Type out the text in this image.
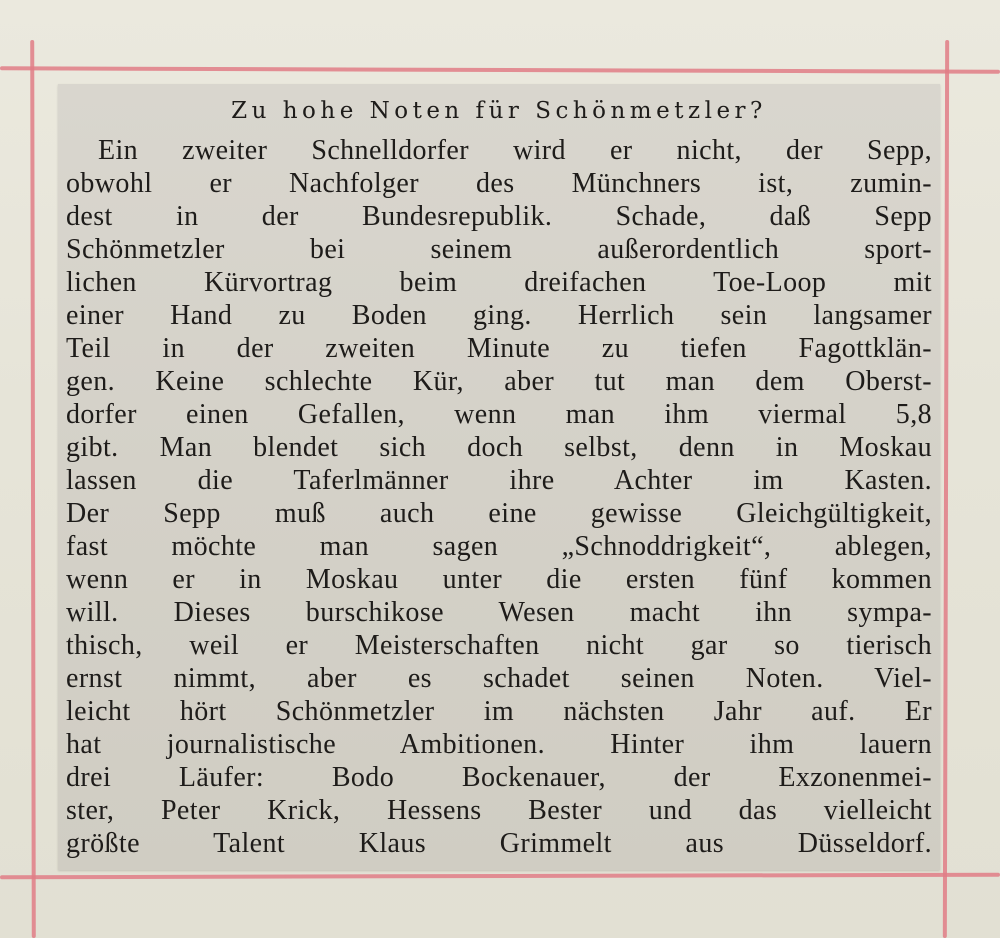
Zu hohe Noten für Schönmetzler?
Ein zweiter Schnelldorfer wird er nicht, der Sepp,
obwohl er Nachfolger des Münchners ist, zumin-
dest in der Bundesrepublik. Schade, daß Sepp
Schönmetzler bei seinem außerordentlich sport-
lichen Kürvortrag beim dreifachen Toe-Loop mit
einer Hand zu Boden ging. Herrlich sein langsamer
Teil in der zweiten Minute zu tiefen Fagottklän-
gen. Keine schlechte Kür, aber tut man dem Oberst-
dorfer einen Gefallen, wenn man ihm viermal 5,8
gibt. Man blendet sich doch selbst, denn in Moskau
lassen die Taferlmänner ihre Achter im Kasten.
Der Sepp muß auch eine gewisse Gleichgültigkeit,
fast möchte man sagen „Schnoddrigkeit“, ablegen,
wenn er in Moskau unter die ersten fünf kommen
will. Dieses burschikose Wesen macht ihn sympa-
thisch, weil er Meisterschaften nicht gar so tierisch
ernst nimmt, aber es schadet seinen Noten. Viel-
leicht hört Schönmetzler im nächsten Jahr auf. Er
hat journalistische Ambitionen. Hinter ihm lauern
drei Läufer: Bodo Bockenauer, der Exzonenmei-
ster, Peter Krick, Hessens Bester und das vielleicht
größte Talent Klaus Grimmelt aus Düsseldorf.
